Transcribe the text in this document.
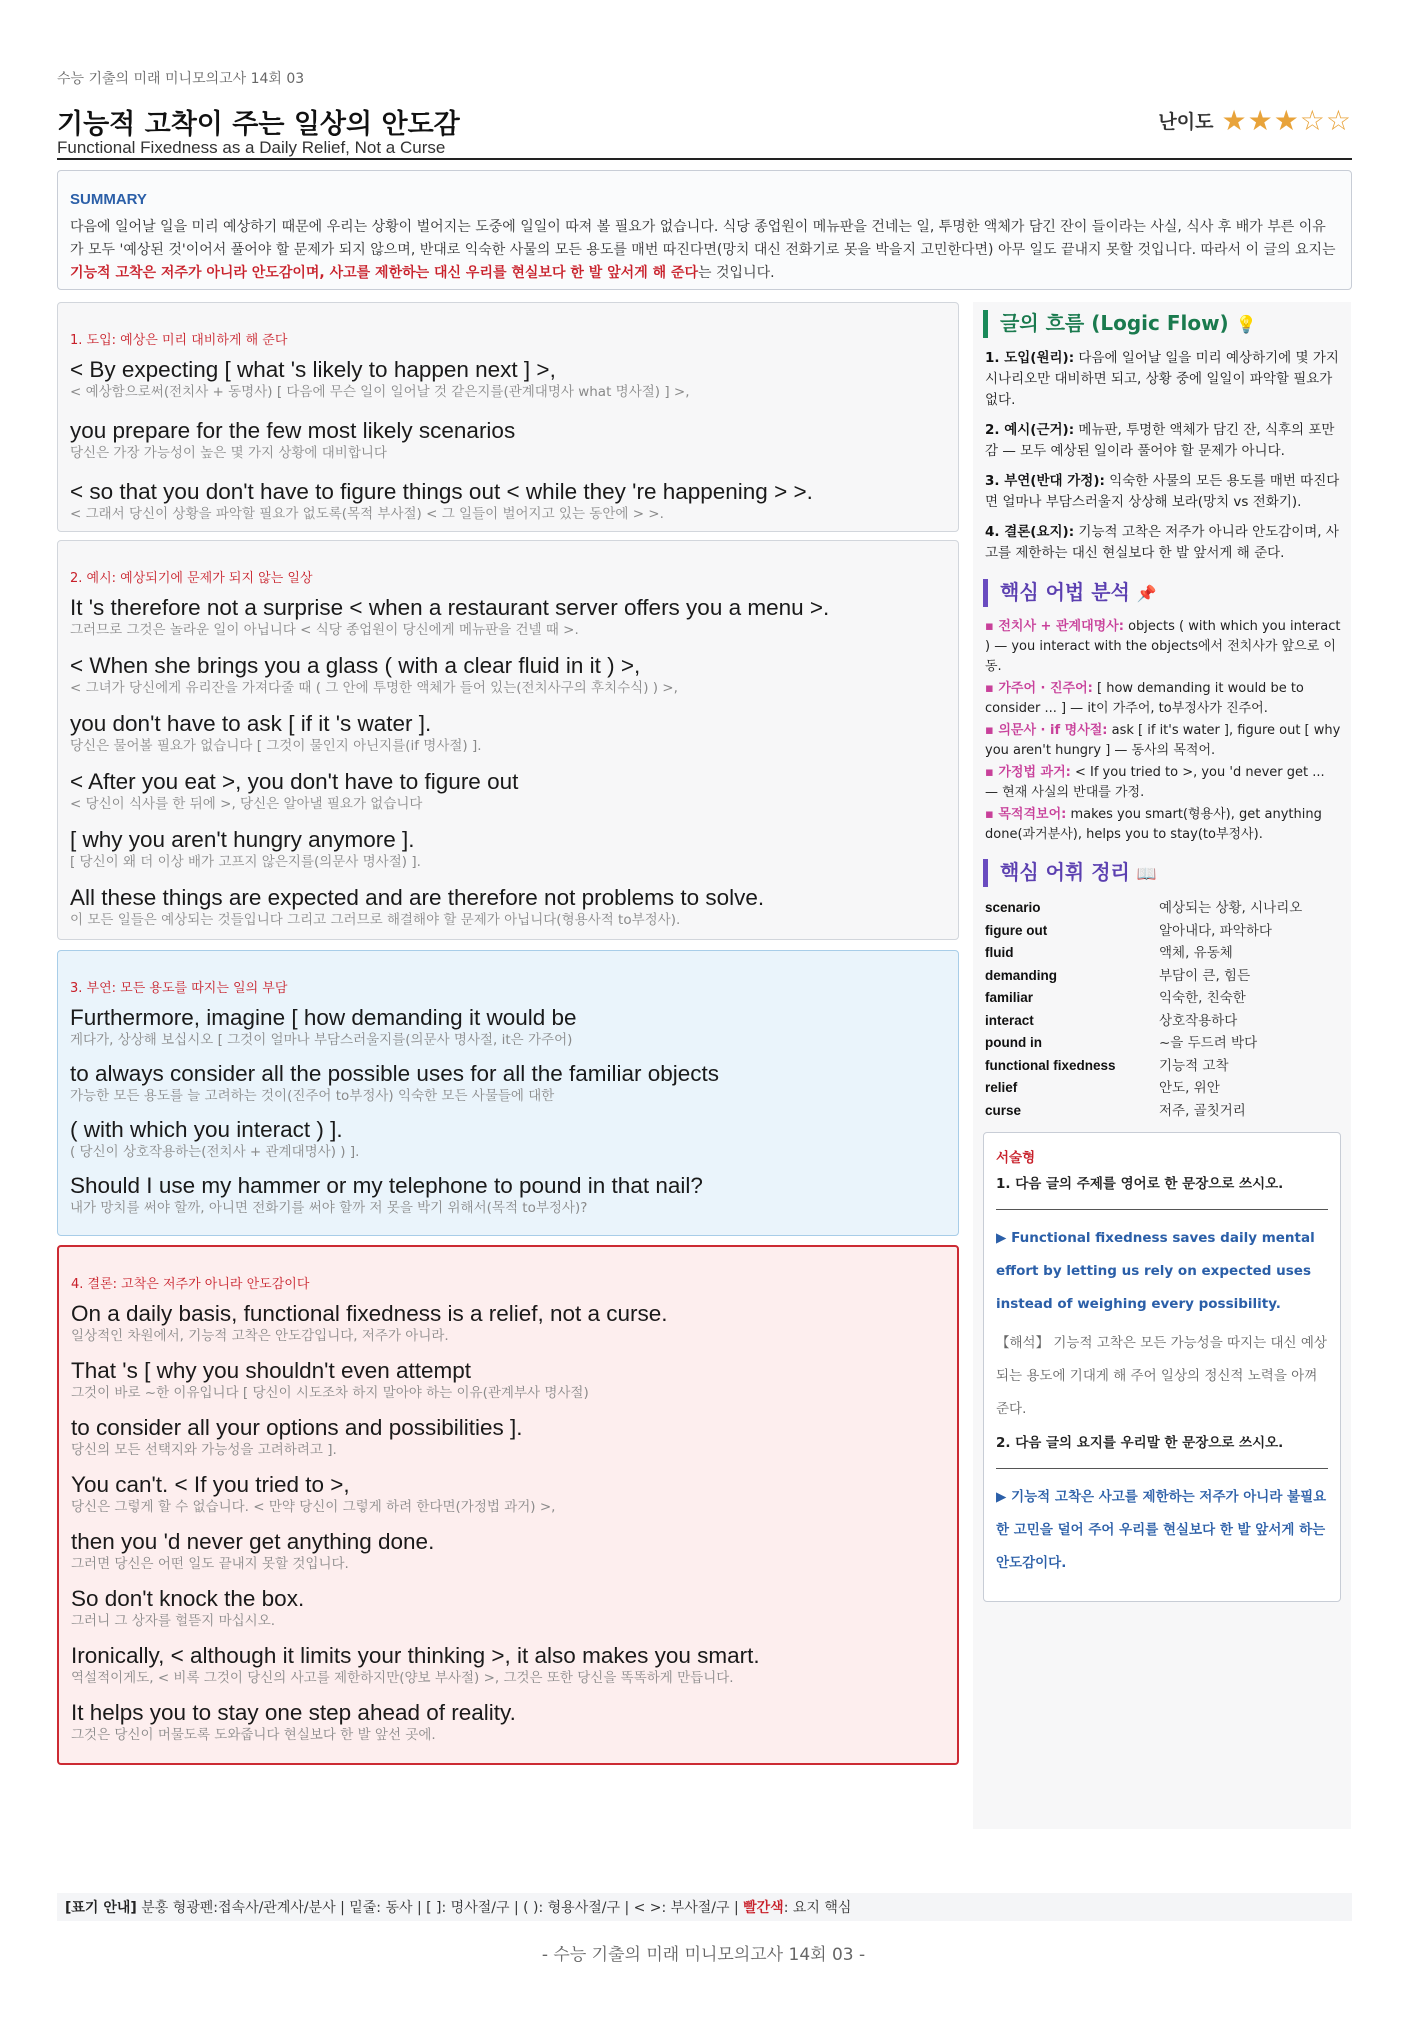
수능 기출의 미래 미니모의고사 14회 03
기능적 고착이 주는 일상의 안도감
Functional Fixedness as a Daily Relief, Not a Curse
난이도 ★★★☆☆
SUMMARY
다음에 일어날 일을 미리 예상하기 때문에 우리는 상황이 벌어지는 도중에 일일이 따져 볼 필요가 없습니다. 식당 종업원이 메뉴판을 건네는 일, 투명한 액체가 담긴 잔이 들이라는 사실, 식사 후 배가 부른 이유가 모두 '예상된 것'이어서 풀어야 할 문제가 되지 않으며, 반대로 익숙한 사물의 모든 용도를 매번 따진다면(망치 대신 전화기로 못을 박을지 고민한다면) 아무 일도 끝내지 못할 것입니다. 따라서 이 글의 요지는 기능적 고착은 저주가 아니라 안도감이며, 사고를 제한하는 대신 우리를 현실보다 한 발 앞서게 해 준다는 것입니다.
1. 도입: 예상은 미리 대비하게 해 준다
< By expecting [ what 's likely to happen next ] >,
< 예상함으로써(전치사 + 동명사) [ 다음에 무슨 일이 일어날 것 같은지를(관계대명사 what 명사절) ] >,
you prepare for the few most likely scenarios
당신은 가장 가능성이 높은 몇 가지 상황에 대비합니다
< so that you don't have to figure things out < while they 're happening > >.
< 그래서 당신이 상황을 파악할 필요가 없도록(목적 부사절) < 그 일들이 벌어지고 있는 동안에 > >.
2. 예시: 예상되기에 문제가 되지 않는 일상
It 's therefore not a surprise < when a restaurant server offers you a menu >.
그러므로 그것은 놀라운 일이 아닙니다 < 식당 종업원이 당신에게 메뉴판을 건넬 때 >.
< When she brings you a glass ( with a clear fluid in it ) >,
< 그녀가 당신에게 유리잔을 가져다줄 때 ( 그 안에 투명한 액체가 들어 있는(전치사구의 후치수식) ) >,
you don't have to ask [ if it 's water ].
당신은 물어볼 필요가 없습니다 [ 그것이 물인지 아닌지를(if 명사절) ].
< After you eat >, you don't have to figure out
< 당신이 식사를 한 뒤에 >, 당신은 알아낼 필요가 없습니다
[ why you aren't hungry anymore ].
[ 당신이 왜 더 이상 배가 고프지 않은지를(의문사 명사절) ].
All these things are expected and are therefore not problems to solve.
이 모든 일들은 예상되는 것들입니다 그리고 그러므로 해결해야 할 문제가 아닙니다(형용사적 to부정사).
3. 부연: 모든 용도를 따지는 일의 부담
Furthermore, imagine [ how demanding it would be
게다가, 상상해 보십시오 [ 그것이 얼마나 부담스러울지를(의문사 명사절, it은 가주어)
to always consider all the possible uses for all the familiar objects
가능한 모든 용도를 늘 고려하는 것이(진주어 to부정사) 익숙한 모든 사물들에 대한
( with which you interact ) ].
( 당신이 상호작용하는(전치사 + 관계대명사) ) ].
Should I use my hammer or my telephone to pound in that nail?
내가 망치를 써야 할까, 아니면 전화기를 써야 할까 저 못을 박기 위해서(목적 to부정사)?
4. 결론: 고착은 저주가 아니라 안도감이다
On a daily basis, functional fixedness is a relief, not a curse.
일상적인 차원에서, 기능적 고착은 안도감입니다, 저주가 아니라.
That 's [ why you shouldn't even attempt
그것이 바로 ~한 이유입니다 [ 당신이 시도조차 하지 말아야 하는 이유(관계부사 명사절)
to consider all your options and possibilities ].
당신의 모든 선택지와 가능성을 고려하려고 ].
You can't. < If you tried to >,
당신은 그렇게 할 수 없습니다. < 만약 당신이 그렇게 하려 한다면(가정법 과거) >,
then you 'd never get anything done.
그러면 당신은 어떤 일도 끝내지 못할 것입니다.
So don't knock the box.
그러니 그 상자를 헐뜯지 마십시오.
Ironically, < although it limits your thinking >, it also makes you smart.
역설적이게도, < 비록 그것이 당신의 사고를 제한하지만(양보 부사절) >, 그것은 또한 당신을 똑똑하게 만듭니다.
It helps you to stay one step ahead of reality.
그것은 당신이 머물도록 도와줍니다 현실보다 한 발 앞선 곳에.
글의 흐름 (Logic Flow) 💡

1. 도입(원리): 다음에 일어날 일을 미리 예상하기에 몇 가지 시나리오만 대비하면 되고, 상황 중에 일일이 파악할 필요가 없다.

2. 예시(근거): 메뉴판, 투명한 액체가 담긴 잔, 식후의 포만감 — 모두 예상된 일이라 풀어야 할 문제가 아니다.

3. 부연(반대 가정): 익숙한 사물의 모든 용도를 매번 따진다면 얼마나 부담스러울지 상상해 보라(망치 vs 전화기).

4. 결론(요지): 기능적 고착은 저주가 아니라 안도감이며, 사고를 제한하는 대신 현실보다 한 발 앞서게 해 준다.

핵심 어법 분석 📌

▪ 전치사 + 관계대명사: objects ( with which you interact ) — you interact with the objects에서 전치사가 앞으로 이동.

▪ 가주어 · 진주어: [ how demanding it would be to consider ... ] — it이 가주어, to부정사가 진주어.

▪ 의문사 · if 명사절: ask [ if it's water ], figure out [ why you aren't hungry ] — 동사의 목적어.

▪ 가정법 과거: < If you tried to >, you 'd never get ... — 현재 사실의 반대를 가정.

▪ 목적격보어: makes you smart(형용사), get anything done(과거분사), helps you to stay(to부정사).

핵심 어휘 정리 📖
scenario	예상되는 상황, 시나리오
figure out	알아내다, 파악하다
fluid	액체, 유동체
demanding	부담이 큰, 힘든
familiar	익숙한, 친숙한
interact	상호작용하다
pound in	~을 두드려 박다
functional fixedness	기능적 고착
relief	안도, 위안
curse	저주, 골칫거리
서술형
1. 다음 글의 주제를 영어로 한 문장으로 쓰시오.
▶ Functional fixedness saves daily mental effort by letting us rely on expected uses instead of weighing every possibility.
【해석】 기능적 고착은 모든 가능성을 따지는 대신 예상되는 용도에 기대게 해 주어 일상의 정신적 노력을 아껴 준다.
2. 다음 글의 요지를 우리말 한 문장으로 쓰시오.
▶ 기능적 고착은 사고를 제한하는 저주가 아니라 불필요한 고민을 덜어 주어 우리를 현실보다 한 발 앞서게 하는 안도감이다.
[표기 안내] 분홍 형광펜:접속사/관계사/분사 | 밑줄: 동사 | [ ]: 명사절/구 | ( ): 형용사절/구 | < >: 부사절/구 | 빨간색: 요지 핵심
- 수능 기출의 미래 미니모의고사 14회 03 -
